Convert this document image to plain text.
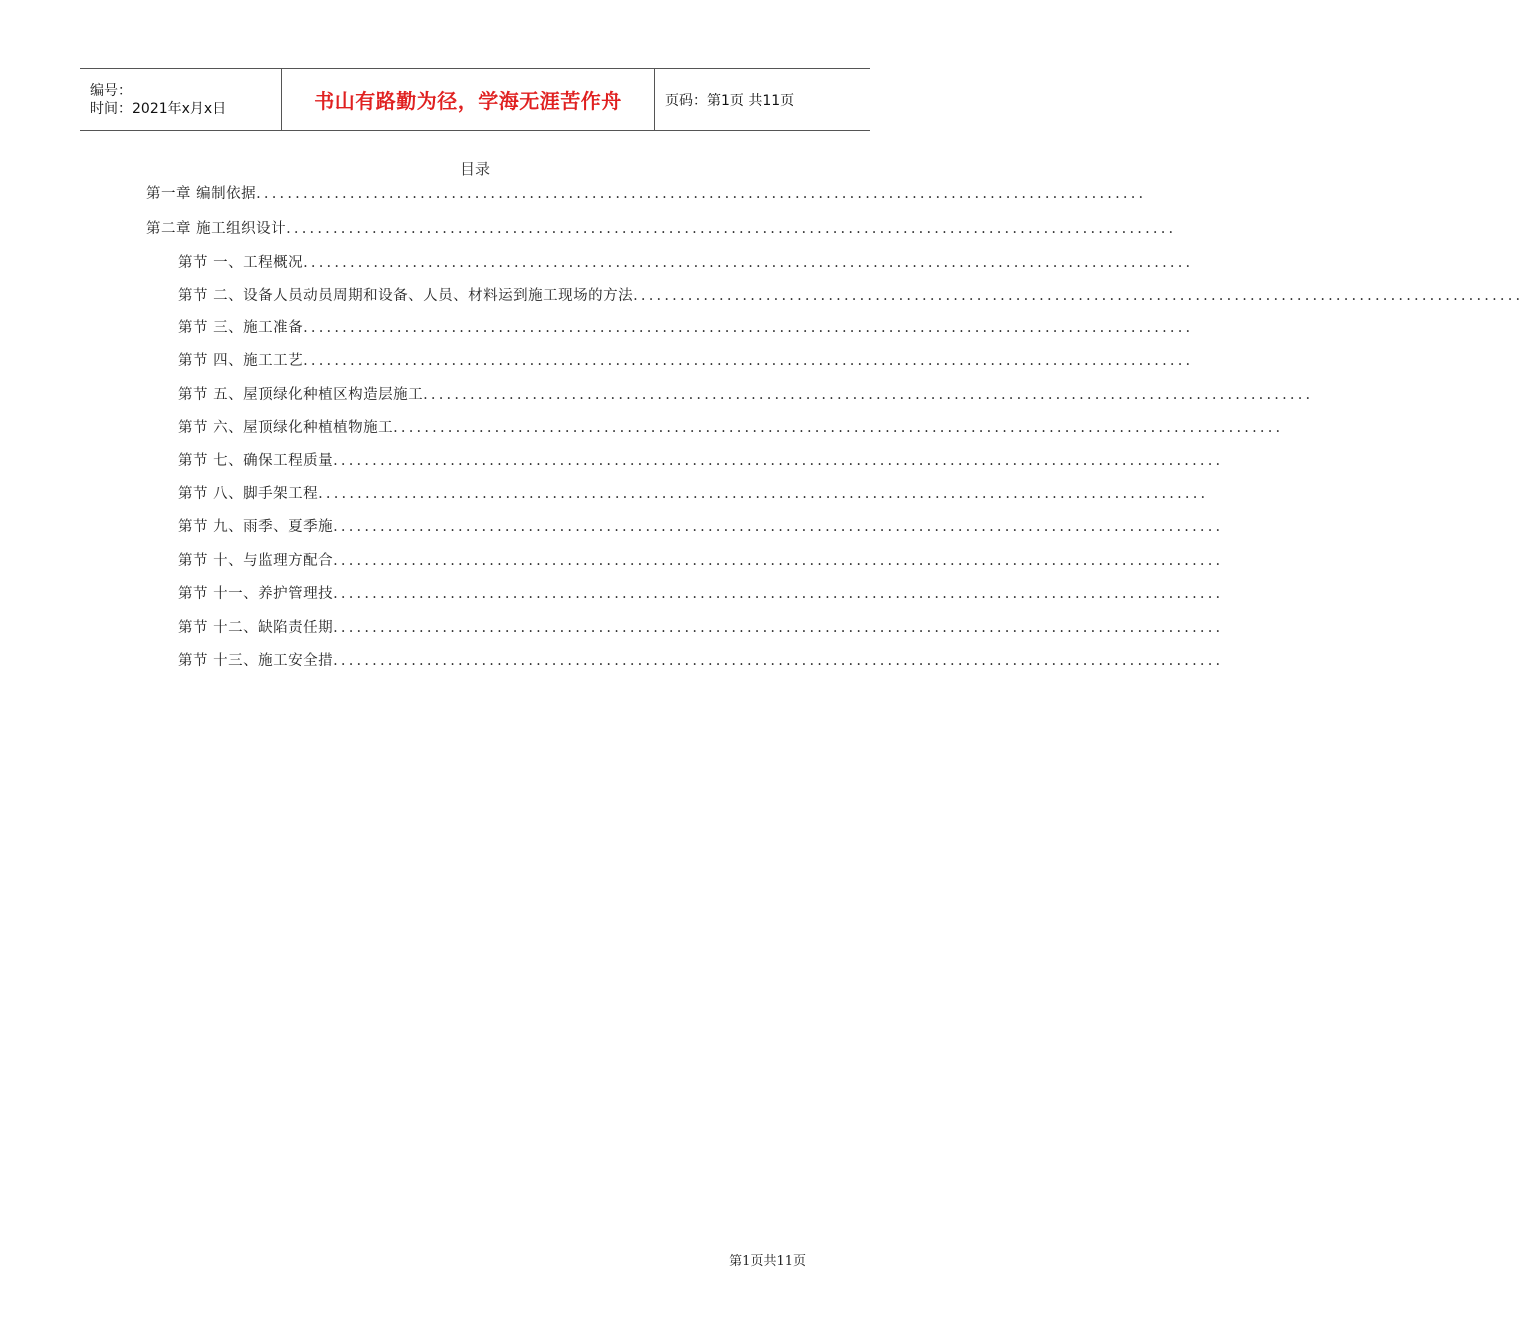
编号：
时间：2021年x月x日	书山有路勤为径，学海无涯苦作舟	页码：第1页 共11页
目录
第一章 编制依据 ..................................................................................................................
第二章 施工组织设计 ..................................................................................................................
第节 一、工程概况 ..................................................................................................................
第节 二、设备人员动员周期和设备、人员、材料运到施工现场的方法 ..................................................................................................................
第节 三、施工准备 ..................................................................................................................
第节 四、施工工艺 ..................................................................................................................
第节 五、屋顶绿化种植区构造层施工 ..................................................................................................................
第节 六、屋顶绿化种植植物施工 ..................................................................................................................
第节 七、确保工程质量 ..................................................................................................................
第节 八、脚手架工程 ..................................................................................................................
第节 九、雨季、夏季施 ..................................................................................................................
第节 十、与监理方配合 ..................................................................................................................
第节 十一、养护管理技 ..................................................................................................................
第节 十二、缺陷责任期 ..................................................................................................................
第节 十三、施工安全措 ..................................................................................................................
第1页共11页
